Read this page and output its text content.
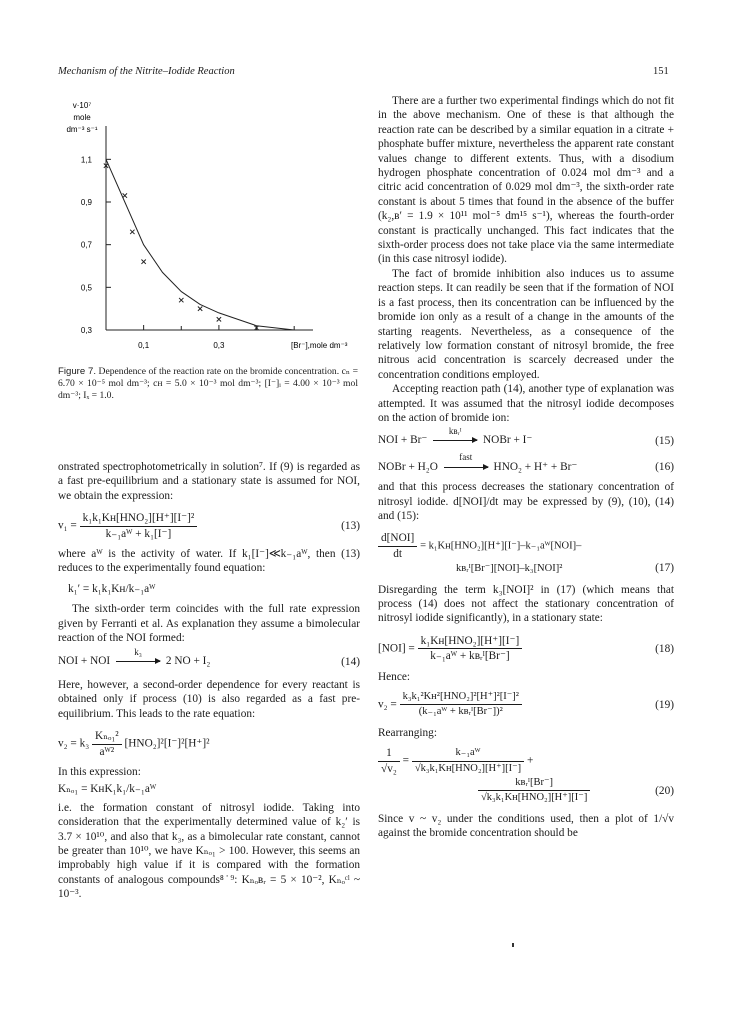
Mechanism of the Nitrite–Iodide Reaction	151
v·10⁷
mole
dm⁻³ s⁻¹
1,1
0,9
0,7
0,5
0,3
0,1	0,3	[Br⁻],mole dm⁻³
Figure 7. Dependence of the reaction rate on the bromide concentration. cₙ = 6.70 × 10⁻⁵ mol dm⁻³; cʜ = 5.0 × 10⁻³ mol dm⁻³; [I⁻]ᵢ = 4.00 × 10⁻³ mol dm⁻³; Iₓ = 1.0.

onstrated spectrophotometrically in solution⁷. If (9) is regarded as a fast pre-equilibrium and a stationary state is assumed for NOI, we obtain the expression:

$v_1 = \frac{\text{k₁k₁Kʜ[HNO₂][H⁺][I⁻]²}}{\text{k₋₁aᵂ + k₁[I⁻]}}$	(13)

where aᵂ is the activity of water. If k₁[I⁻]≪k₋₁aᵂ, then (13) reduces to the experimentally found equation:

k₁′ = k₁k₁Kʜ/k₋₁aᵂ

The sixth-order term coincides with the full rate expression given by Ferranti et al. As explanation they assume a bimolecular reaction of the NOI formed:

NOI + NOI
k₃
2 NO + I₂	(14)

Here, however, a second-order dependence for every reactant is obtained only if process (10) is also regarded as a fast pre-equilibrium. This leads to the rate equation:

$v_2 = k_3 \frac{\text{Kₙₒ₁²}}{\text{aᵂ²}} [HNO_2]^2[I^-]^2[H^+]^2$

In this expression:

Kₙₒ₁ = KʜK₁k₁/k₋₁aᵂ

i.e. the formation constant of nitrosyl iodide. Taking into consideration that the experimentally determined value of k₂′ is 3.7 × 10¹⁰, and also that k₃, as a bimolecular rate constant, cannot be greater than 10¹⁰, we have Kₙₒ₁ > 100. However, this seems an improbably high value if it is compared with the formation constants of analogous compounds⁸˙⁹: Kₙₒʙᵣ = 5 × 10⁻², Kₙₒᶜˡ ~ 10⁻³.

There are a further two experimental findings which do not fit in the above mechanism. One of these is that although the reaction rate can be described by a similar equation in a citrate + phosphate buffer mixture, nevertheless the apparent rate constant values change to different extents. Thus, with a disodium hydrogen phosphate concentration of 0.024 mol dm⁻³ and a citric acid concentration of 0.029 mol dm⁻³, the sixth-order rate constant is about 5 times that found in the absence of the buffer (k₂,ʙ′ = 1.9 × 10¹¹ mol⁻⁵ dm¹⁵ s⁻¹), whereas the fourth-order constant is practically unchanged. This fact indicates that the sixth-order process does not take place via the same intermediate (in this case nitrosyl iodide).

The fact of bromide inhibition also induces us to assume reaction steps. It can readily be seen that if the formation of NOI is a fast process, then its concentration can be influenced by the bromide ion only as a result of a change in the amounts of the starting reagents. Nevertheless, as a consequence of the relatively low formation constant of nitrosyl bromide, the free nitrous acid concentration is scarcely decreased under the concentration conditions employed.

Accepting reaction path (14), another type of explanation was attempted. It was assumed that the nitrosyl iodide decomposes on the action of bromide ion:

NOI + Br⁻
kʙᵣᴵ
NOBr + I⁻	(15)
NOBr + H₂O
fast
HNO₂ + H⁺ + Br⁻	(16)

and that this process decreases the stationary concentration of nitrosyl iodide. d[NOI]/dt may be expressed by (9), (10), (14) and (15):

$\frac{\text{d[NOI]}}{dt}$ = k₁Kʜ[HNO₂][H⁺][I⁻]–k₋₁aᵂ[NOI]–
kʙᵣᴵ[Br⁻][NOI]–k₃[NOI]²	(17)

Disregarding the term k₃[NOI]² in (17) (which means that process (14) does not affect the stationary concentration of nitrosyl iodide significantly), in a stationary state:

$[NOI] = \frac{\text{k₁Kʜ[HNO₂][H⁺][I⁻]}}{\text{k₋₁aᵂ + kʙᵣᴵ[Br⁻]}}$	(18)

Hence:

$v_2 = \frac{\text{k₃k₁²Kʜ²[HNO₂]²[H⁺]²[I⁻]²}}{\text{(k₋₁aᵂ + kʙᵣᴵ[Br⁻])²}}$	(19)

Rearranging:

$\frac{1}{\text{√v₂}} = \frac{\text{k₋₁aᵂ}}{\text{√k₃k₁Kʜ[HNO₂][H⁺][I⁻]}}$ +
$\frac{\text{kʙᵣᴵ[Br⁻]}}{\text{√k₃k₁Kʜ[HNO₂][H⁺][I⁻]}}$	(20)

Since v ~ v₂ under the conditions used, then a plot of 1/√v against the bromide concentration should be
